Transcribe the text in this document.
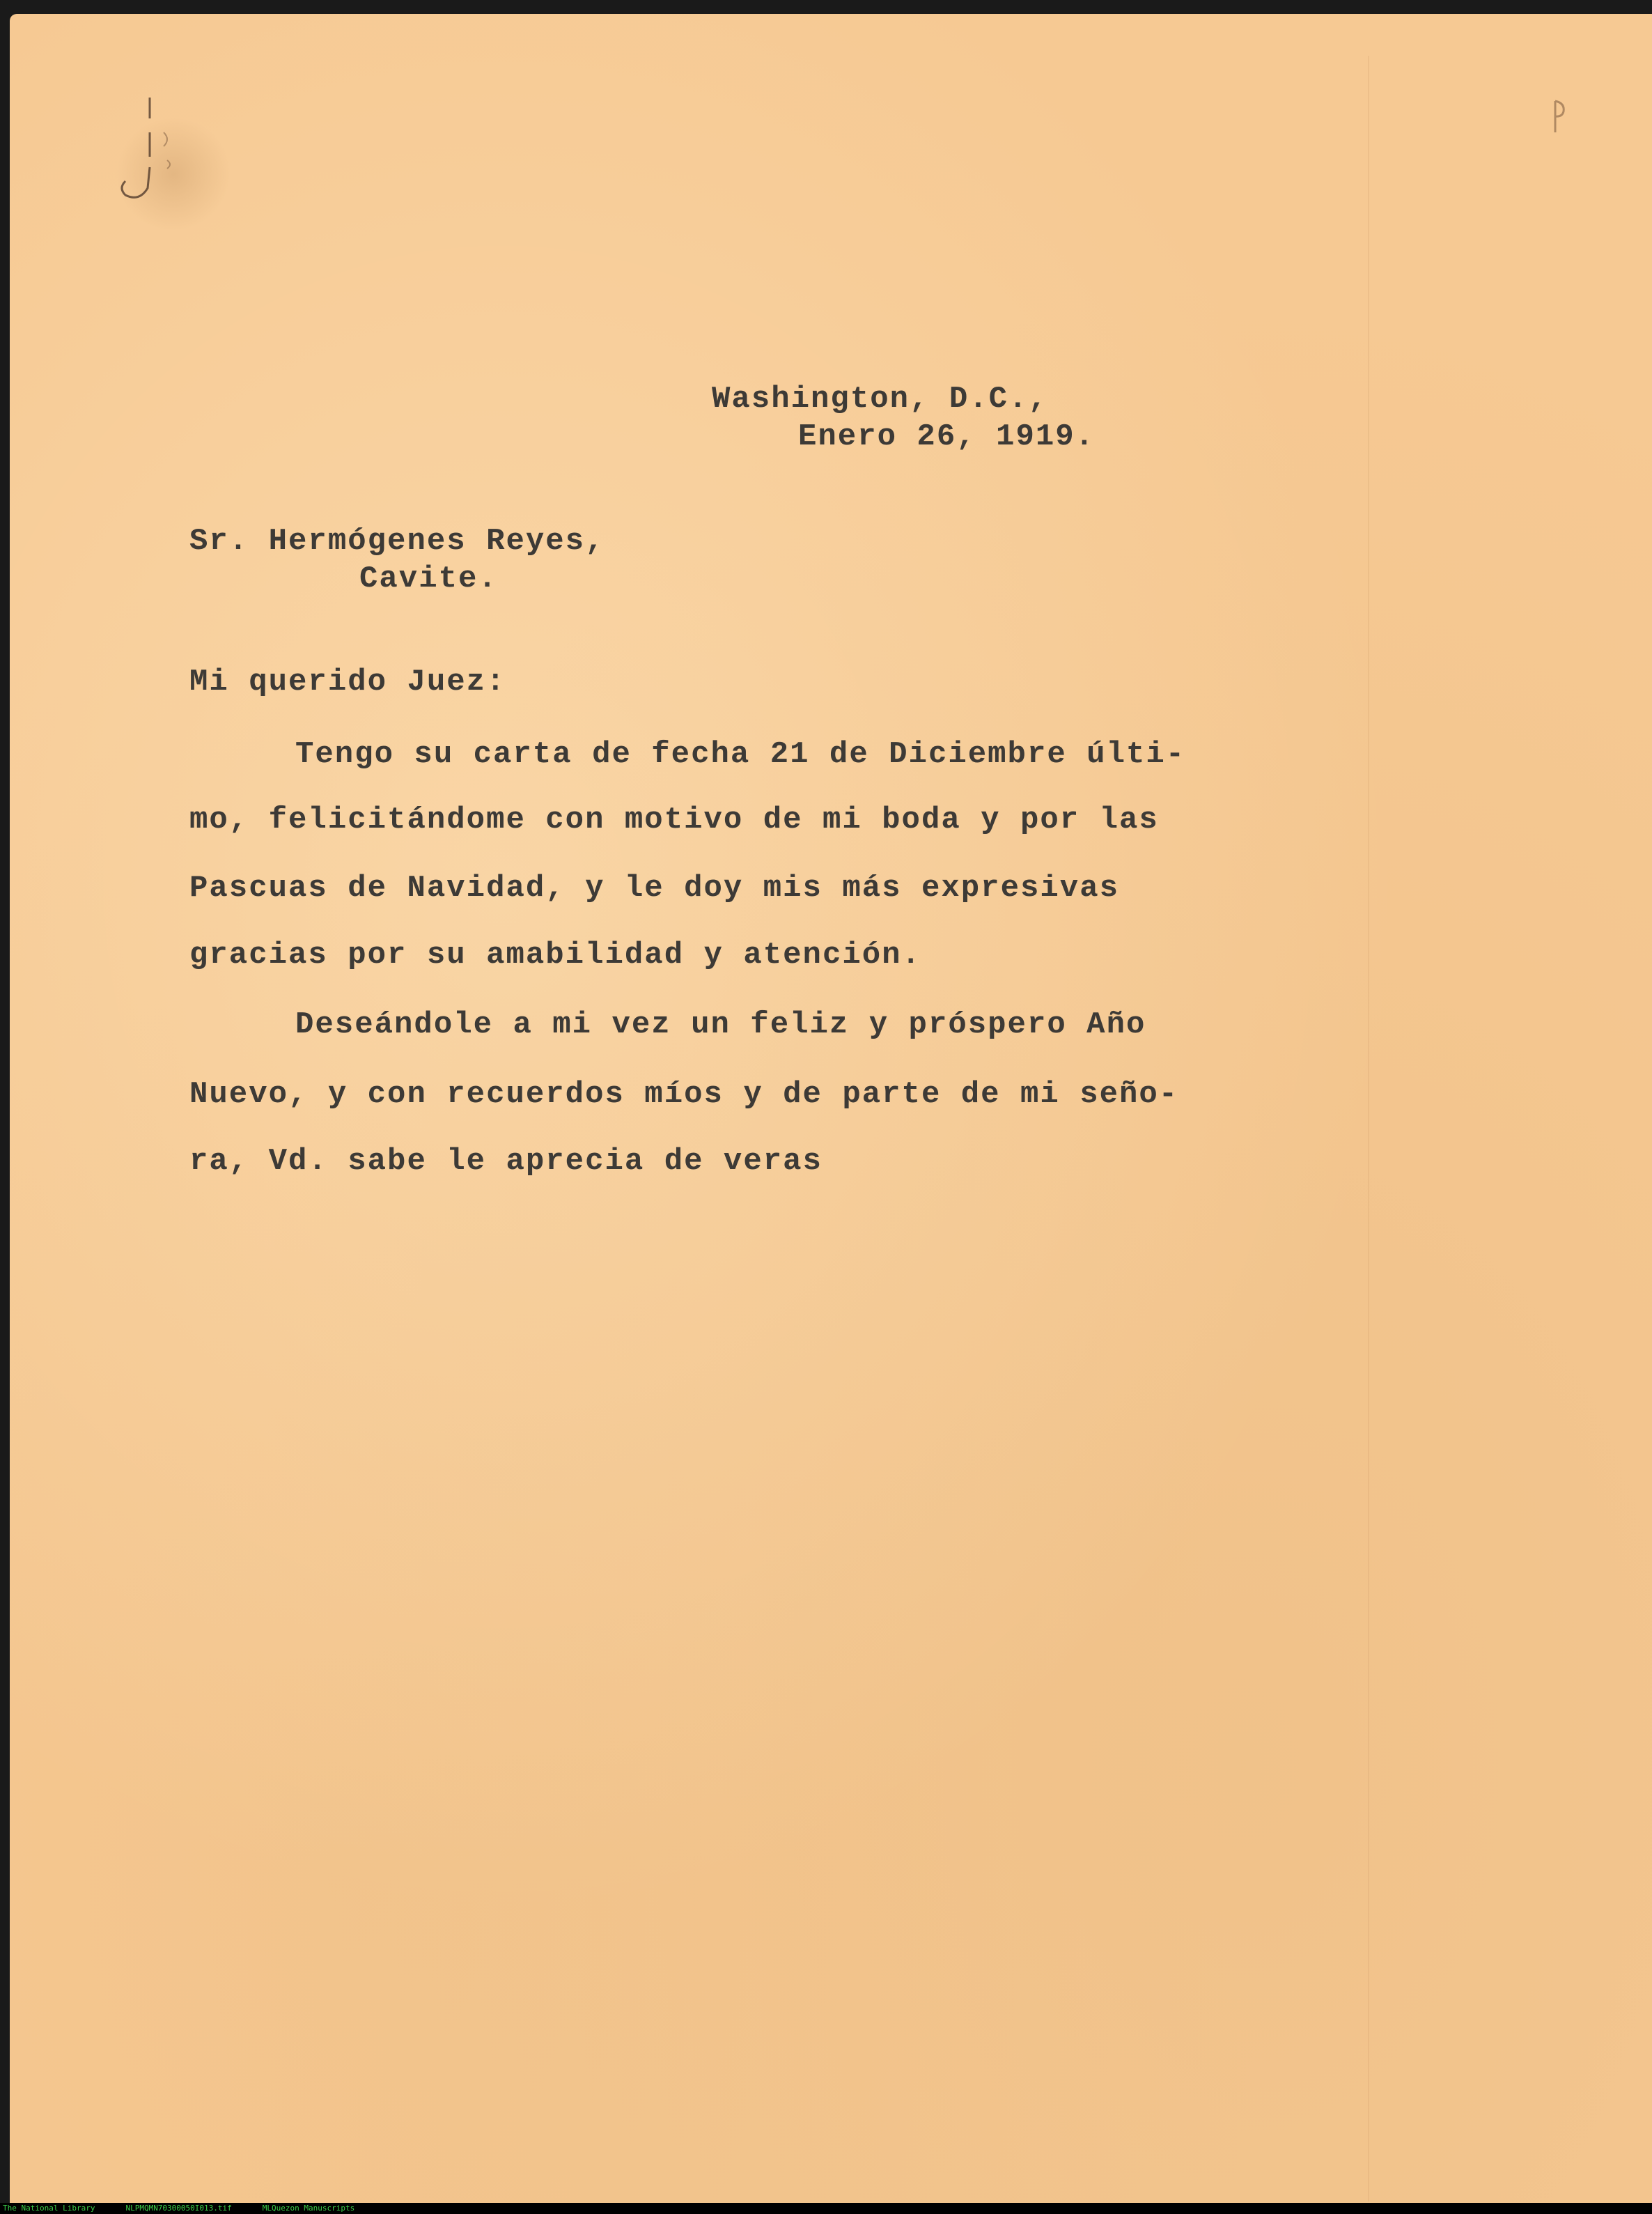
Washington, D.C.,
Enero 26, 1919.
Sr. Hermógenes Reyes,
Cavite.
Mi querido Juez:
Tengo su carta de fecha 21 de Diciembre últi-
mo, felicitándome con motivo de mi boda y por las
Pascuas de Navidad, y le doy mis más expresivas
gracias por su amabilidad y atención.
Deseándole a mi vez un feliz y próspero Año
Nuevo, y con recuerdos míos y de parte de mi seño-
ra, Vd. sabe le aprecia de veras
The National Library	NLPMQMN70300050I013.tif	MLQuezon Manuscripts
